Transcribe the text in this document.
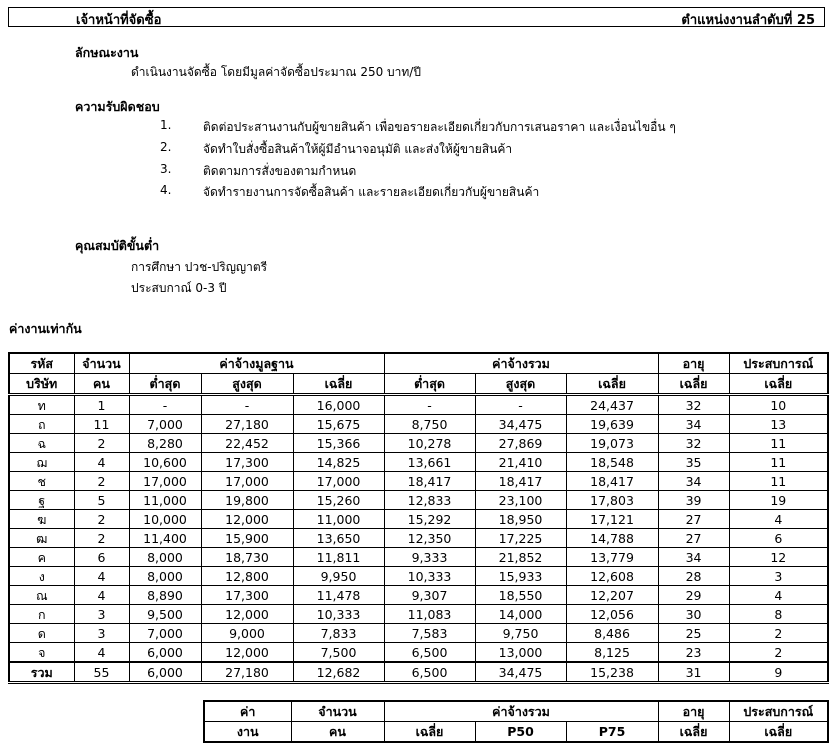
เจ้าหน้าที่จัดซื้อ	ตำแหน่งงานลำดับที่ 25
ลักษณะงาน
ดำเนินงานจัดซื้อ โดยมีมูลค่าจัดซื้อประมาณ 250 บาท/ปี
ความรับผิดชอบ
1.	ติดต่อประสานงานกับผู้ขายสินค้า เพื่อขอรายละเอียดเกี่ยวกับการเสนอราคา และเงื่อนไขอื่น ๆ
2.	จัดทำใบสั่งซื้อสินค้าให้ผู้มีอำนาจอนุมัติ และส่งให้ผู้ขายสินค้า
3.	ติดตามการสั่งของตามกำหนด
4.	จัดทำรายงานการจัดซื้อสินค้า และรายละเอียดเกี่ยวกับผู้ขายสินค้า
คุณสมบัติขั้นต่ำ
การศึกษา ปวช-ปริญญาตรี
ประสบกาณ์ 0-3 ปี
ค่างานเท่ากัน
รหัส	จำนวน	ค่าจ้างมูลฐาน			ค่าจ้างรวม			อายุ	ประสบการณ์
บริษัท	คน	ต่ำสุด	สูงสุด	เฉลี่ย	ต่ำสุด	สูงสุด	เฉลี่ย	เฉลี่ย	เฉลี่ย
ท	1	-	-	16,000	-	-	24,437	32	10
ถ	11	7,000	27,180	15,675	8,750	34,475	19,639	34	13
ฉ	2	8,280	22,452	15,366	10,278	27,869	19,073	32	11
ฌ	4	10,600	17,300	14,825	13,661	21,410	18,548	35	11
ช	2	17,000	17,000	17,000	18,417	18,417	18,417	34	11
ฐ	5	11,000	19,800	15,260	12,833	23,100	17,803	39	19
ฆ	2	10,000	12,000	11,000	15,292	18,950	17,121	27	4
ฒ	2	11,400	15,900	13,650	12,350	17,225	14,788	27	6
ค	6	8,000	18,730	11,811	9,333	21,852	13,779	34	12
ง	4	8,000	12,800	9,950	10,333	15,933	12,608	28	3
ณ	4	8,890	17,300	11,478	9,307	18,550	12,207	29	4
ก	3	9,500	12,000	10,333	11,083	14,000	12,056	30	8
ด	3	7,000	9,000	7,833	7,583	9,750	8,486	25	2
จ	4	6,000	12,000	7,500	6,500	13,000	8,125	23	2
รวม	55	6,000	27,180	12,682	6,500	34,475	15,238	31	9
ค่า	จำนวน	ค่าจ้างรวม			อายุ	ประสบการณ์
งาน	คน	เฉลี่ย	P50	P75	เฉลี่ย	เฉลี่ย
